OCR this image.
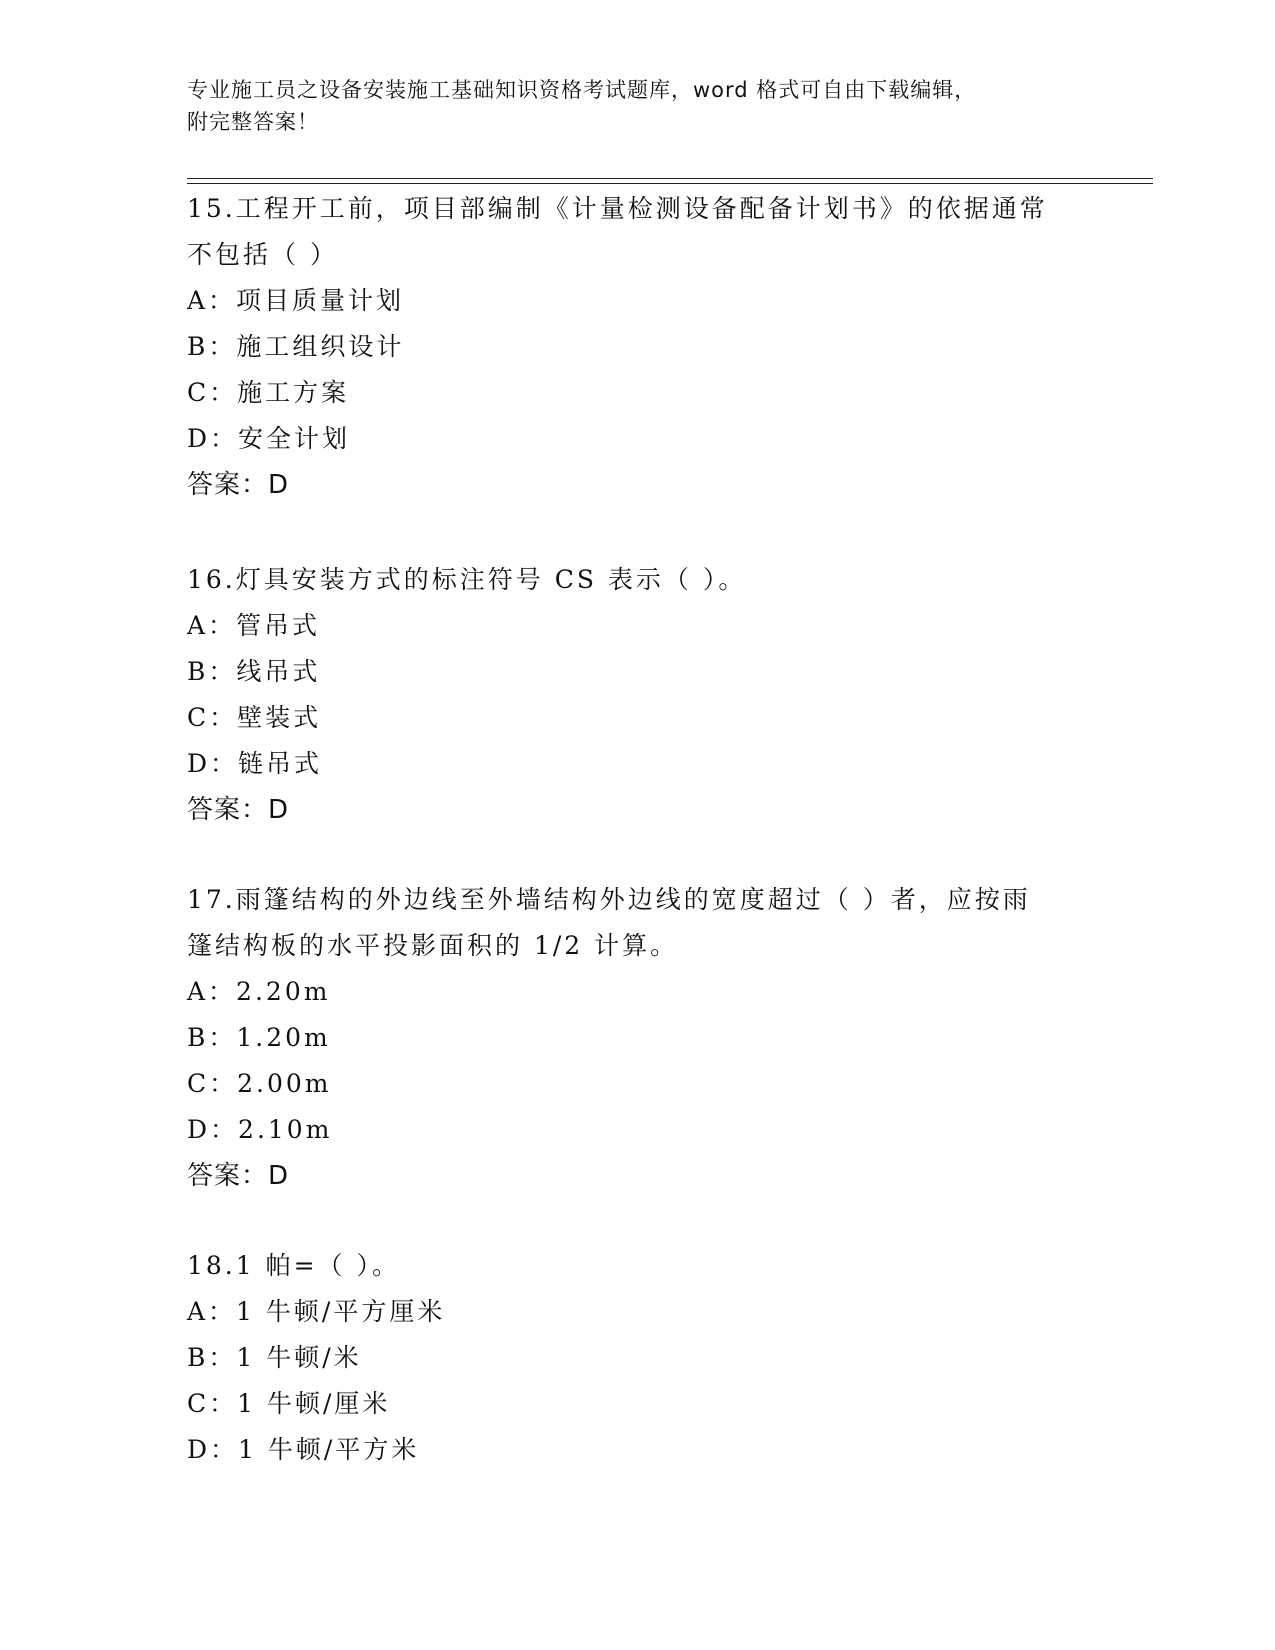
专业施工员之设备安装施工基础知识资格考试题库，word 格式可自由下载编辑，
附完整答案！
15.工程开工前，项目部编制《计量检测设备配备计划书》的依据通常
不包括（ ）
A：项目质量计划
B：施工组织设计
C：施工方案
D：安全计划
答案：D
16.灯具安装方式的标注符号 CS 表示（ ）。
A：管吊式
B：线吊式
C：壁装式
D：链吊式
答案：D
17.雨篷结构的外边线至外墙结构外边线的宽度超过（ ）者，应按雨
篷结构板的水平投影面积的 1/2 计算。
A：2.20m
B：1.20m
C：2.00m
D：2.10m
答案：D
18.1 帕=（ ）。
A：1 牛顿/平方厘米
B：1 牛顿/米
C：1 牛顿/厘米
D：1 牛顿/平方米
